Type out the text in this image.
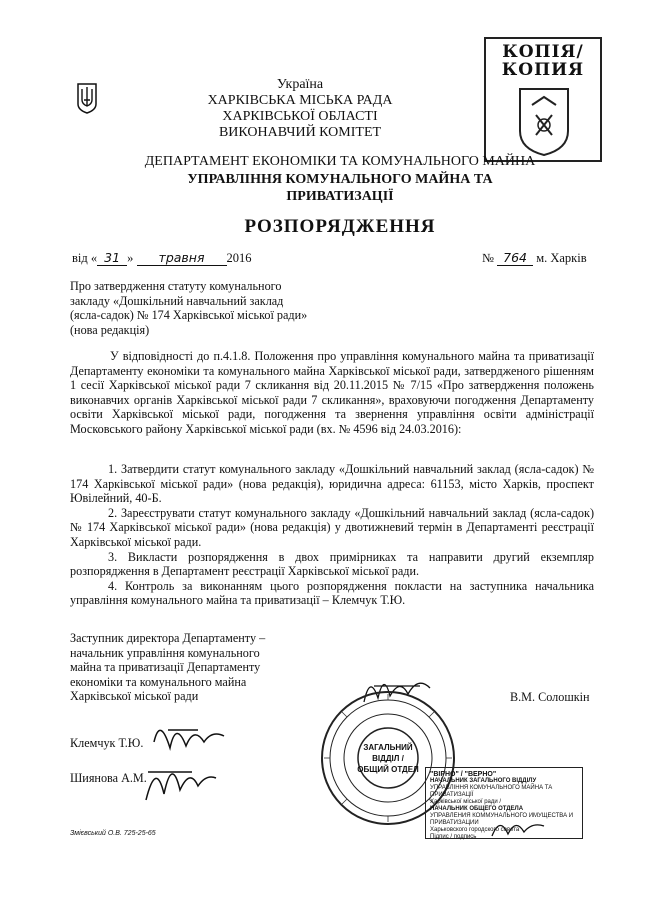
Україна
ХАРКІВСЬКА МІСЬКА РАДА
ХАРКІВСЬКОЇ ОБЛАСТІ
ВИКОНАВЧИЙ КОМІТЕТ
КОПІЯ/
КОПИЯ
ДЕПАРТАМЕНТ ЕКОНОМІКИ ТА КОМУНАЛЬНОГО МАЙНА
УПРАВЛІННЯ КОМУНАЛЬНОГО МАЙНА ТА
ПРИВАТИЗАЦІЇ
РОЗПОРЯДЖЕННЯ
від « 31 » травня 2016	№ 764 м. Харків
Про затвердження статуту комунального
закладу «Дошкільний навчальний заклад
(ясла-садок) № 174 Харківської міської ради»
(нова редакція)

У відповідності до п.4.1.8. Положення про управління комунального майна та приватизації Департаменту економіки та комунального майна Харківської міської ради, затвердженого рішенням 1 сесії Харківської міської ради 7 скликання від 20.11.2015 № 7/15 «Про затвердження положень виконавчих органів Харківської міської ради 7 скликання», враховуючи погодження Департаменту освіти Харківської міської ради, погодження та звернення управління освіти адміністрації Московського району Харківської міської ради (вх. № 4596 від 24.03.2016):

1. Затвердити статут комунального закладу «Дошкільний навчальний заклад (ясла-садок) № 174 Харківської міської ради» (нова редакція), юридична адреса: 61153, місто Харків, проспект Ювілейний, 40-Б.

2. Зареєструвати статут комунального закладу «Дошкільний навчальний заклад (ясла-садок) № 174 Харківської міської ради» (нова редакція) у двотижневий термін в Департаменті реєстрації Харківської міської ради.

3. Викласти розпорядження в двох примірниках та направити другий екземпляр розпорядження в Департамент реєстрації Харківської міської ради.

4. Контроль за виконанням цього розпорядження покласти на заступника начальника управління комунального майна та приватизації – Клемчук Т.Ю.

Заступник директора Департаменту –
начальник управління комунального
майна та приватизації Департаменту
економіки та комунального майна
Харківської міської ради	В.М. Солошкін
Клемчук Т.Ю.
Шиянова А.М.
Змієвський О.В. 725-25-65
ЗАГАЛЬНИЙ
ВІДДІЛ /
ОБЩИЙ ОТДЕЛ
"ВІРНО" / "ВЕРНО"
НАЧАЛЬНИК ЗАГАЛЬНОГО ВІДДІЛУ
УПРАВЛІННЯ КОМУНАЛЬНОГО МАЙНА ТА ПРИВАТИЗАЦІЇ
Харківської міської ради /
НАЧАЛЬНИК ОБЩЕГО ОТДЕЛА
УПРАВЛЕНИЯ КОММУНАЛЬНОГО ИМУЩЕСТВА И ПРИВАТИЗАЦИИ
Харьковского городского совета
Підпис / подпись
